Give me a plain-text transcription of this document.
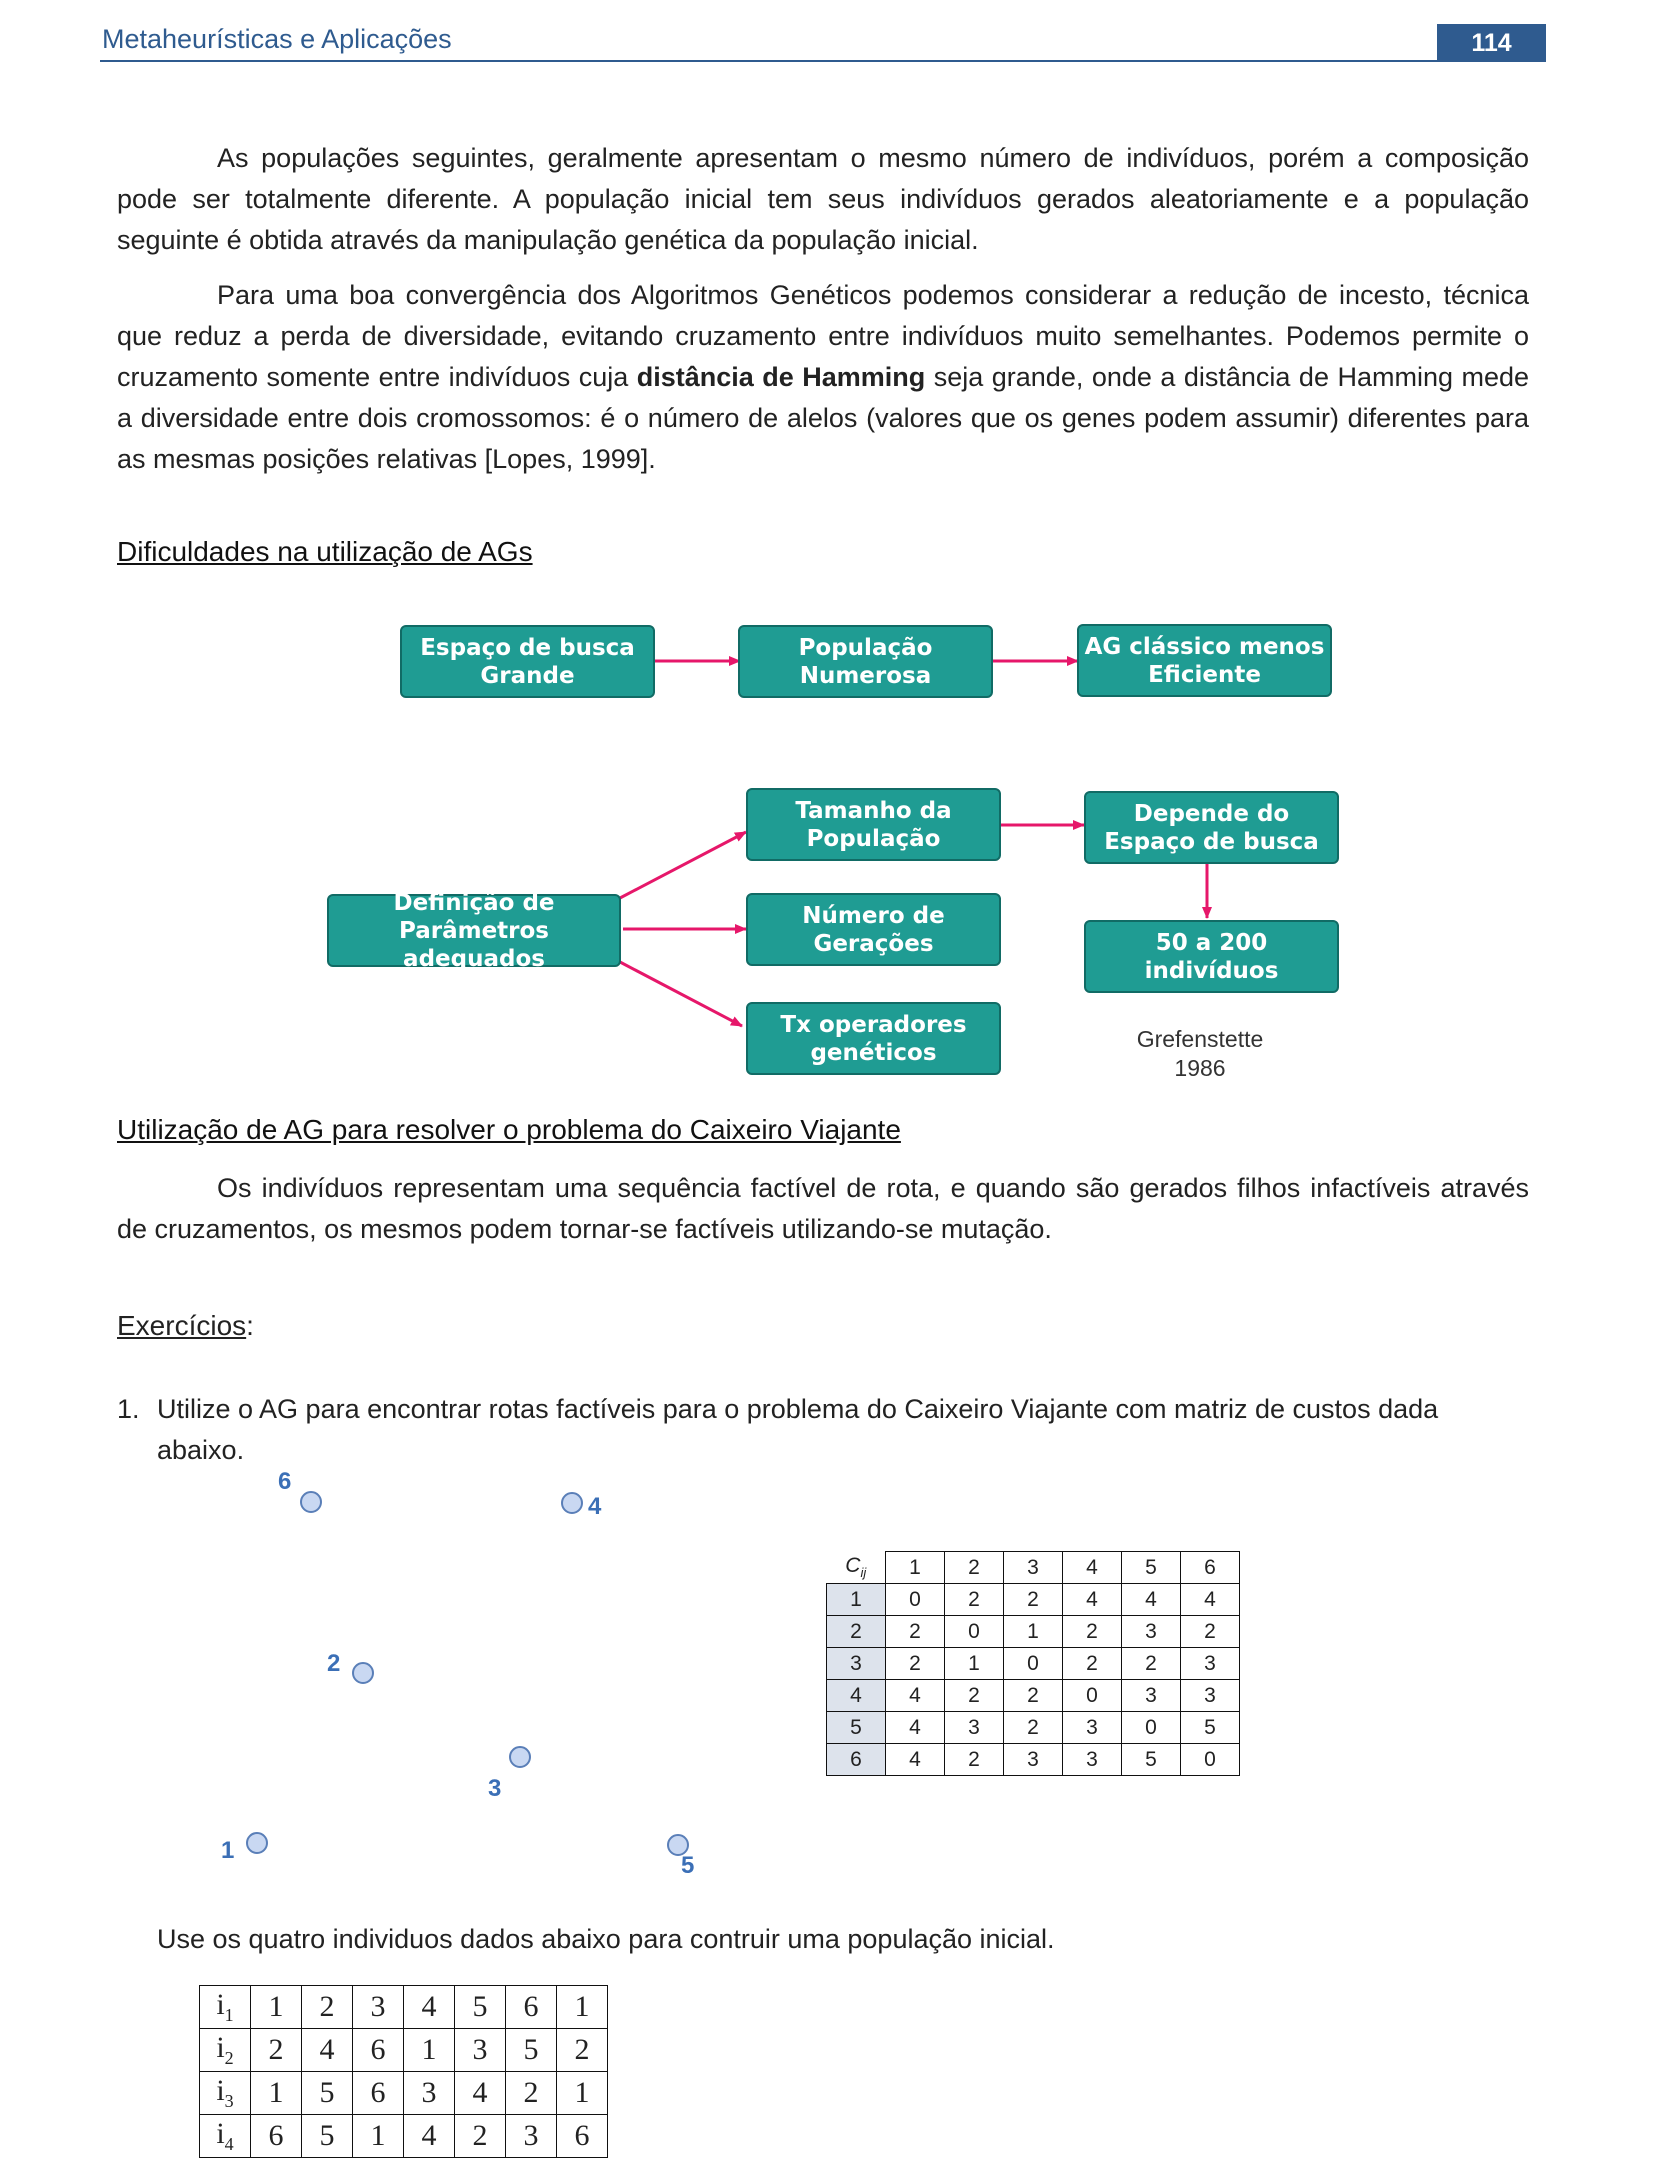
Metaheurísticas e Aplicações	114
As populações seguintes, geralmente apresentam o mesmo número de indivíduos, porém a composição pode ser totalmente diferente. A população inicial tem seus indivíduos gerados aleatoriamente e a população seguinte é obtida através da manipulação genética da população inicial.
Para uma boa convergência dos Algoritmos Genéticos podemos considerar a redução de incesto, técnica que reduz a perda de diversidade, evitando cruzamento entre indivíduos muito semelhantes. Podemos permite o cruzamento somente entre indivíduos cuja distância de Hamming seja grande, onde a distância de Hamming mede a diversidade entre dois cromossomos: é o número de alelos (valores que os genes podem assumir) diferentes para as mesmas posições relativas [Lopes, 1999].
Dificuldades na utilização de AGs
Espaço de busca Grande
População Numerosa
AG clássico menos Eficiente
Definição de Parâmetros adequados
Tamanho da População
Número de Gerações
Tx operadores genéticos
Depende do Espaço de busca
50 a 200 indivíduos
Grefenstette
1986
Utilização de AG para resolver o problema do Caixeiro Viajante
Os indivíduos representam uma sequência factível de rota, e quando são gerados filhos infactíveis através de cruzamentos, os mesmos podem tornar-se factíveis utilizando-se mutação.
Exercícios:
1. Utilize o AG para encontrar rotas factíveis para o problema do Caixeiro Viajante com matriz de custos dada abaixo.
6
4
2
3
1
5
$C_{ij}$	1	2	3	4	5	6
1	0	2	2	4	4	4
2	2	0	1	2	3	2
3	2	1	0	2	2	3
4	4	2	2	0	3	3
5	4	3	2	3	0	5
6	4	2	3	3	5	0
Use os quatro individuos dados abaixo para contruir uma população inicial.
$i_1$	1	2	3	4	5	6	1
$i_2$	2	4	6	1	3	5	2
$i_3$	1	5	6	3	4	2	1
$i_4$	6	5	1	4	2	3	6
